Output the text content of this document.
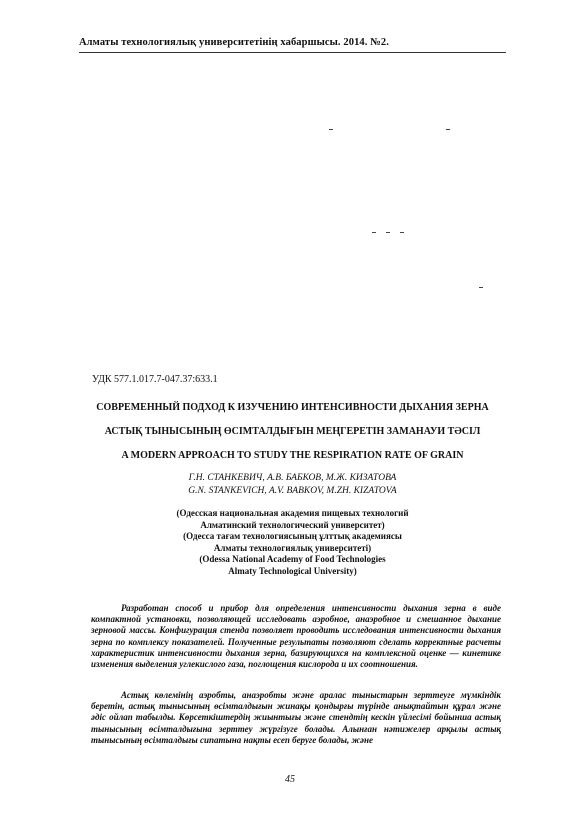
Алматы технологиялық университетінің хабаршысы. 2014. №2.
УДК 577.1.017.7-047.37:633.1
СОВРЕМЕННЫЙ ПОДХОД К ИЗУЧЕНИЮ ИНТЕНСИВНОСТИ ДЫХАНИЯ ЗЕРНА
АСТЫҚ ТЫНЫСЫНЫҢ ӨСІМТАЛДЫҒЫН МЕҢГЕРЕТІН ЗАМАНАУИ ТӘСІЛ
A MODERN APPROACH TO STUDY THE RESPIRATION RATE OF GRAIN
Г.Н. СТАНКЕВИЧ, А.В. БАБКОВ, М.Ж. КИЗАТОВА
G.N. STANKEVICH, A.V. BABKOV, M.ZH. KIZATOVA
(Одесская национальная академия пищевых технологий
Алматинский технологический университет)
(Одесса тағам технологиясының ұлттық академиясы
Алматы технологиялық университеті)
(Odessa National Academy of Food Technologies
Almaty Technological University)

Разработан способ и прибор для определения интенсивности дыхания зерна в виде компактной установки, позволяющей исследовать аэробное, анаэробное и смешанное дыхание зерновой массы. Конфигурация стенда позволяет проводить исследования интенсивности дыхания зерна по комплексу показателей. Полученные результаты позволяют сделать корректные расчеты характеристик интенсивности дыхания зерна, базирующихся на комплексной оценке — кинетике изменения выделения углекислого газа, поглощения кислорода и их соотношения.

Астық көлемінің аэробты, анаэробты және аралас тыныстарын зерттеуге мүмкіндік беретін, астық тынысының өсімталдығын жинақы қондырғы түрінде анықтайтын құрал және әдіс ойлап табылды. Көрсеткіштердің жиынтығы және стендтің кескін үйлесімі бойынша астық тынысының өсімталдығына зерттеу жүргізуге болады. Алынған нәтижелер арқылы астық тынысының өсімталдығы сипатына нақты есеп беруге болады, және

45
